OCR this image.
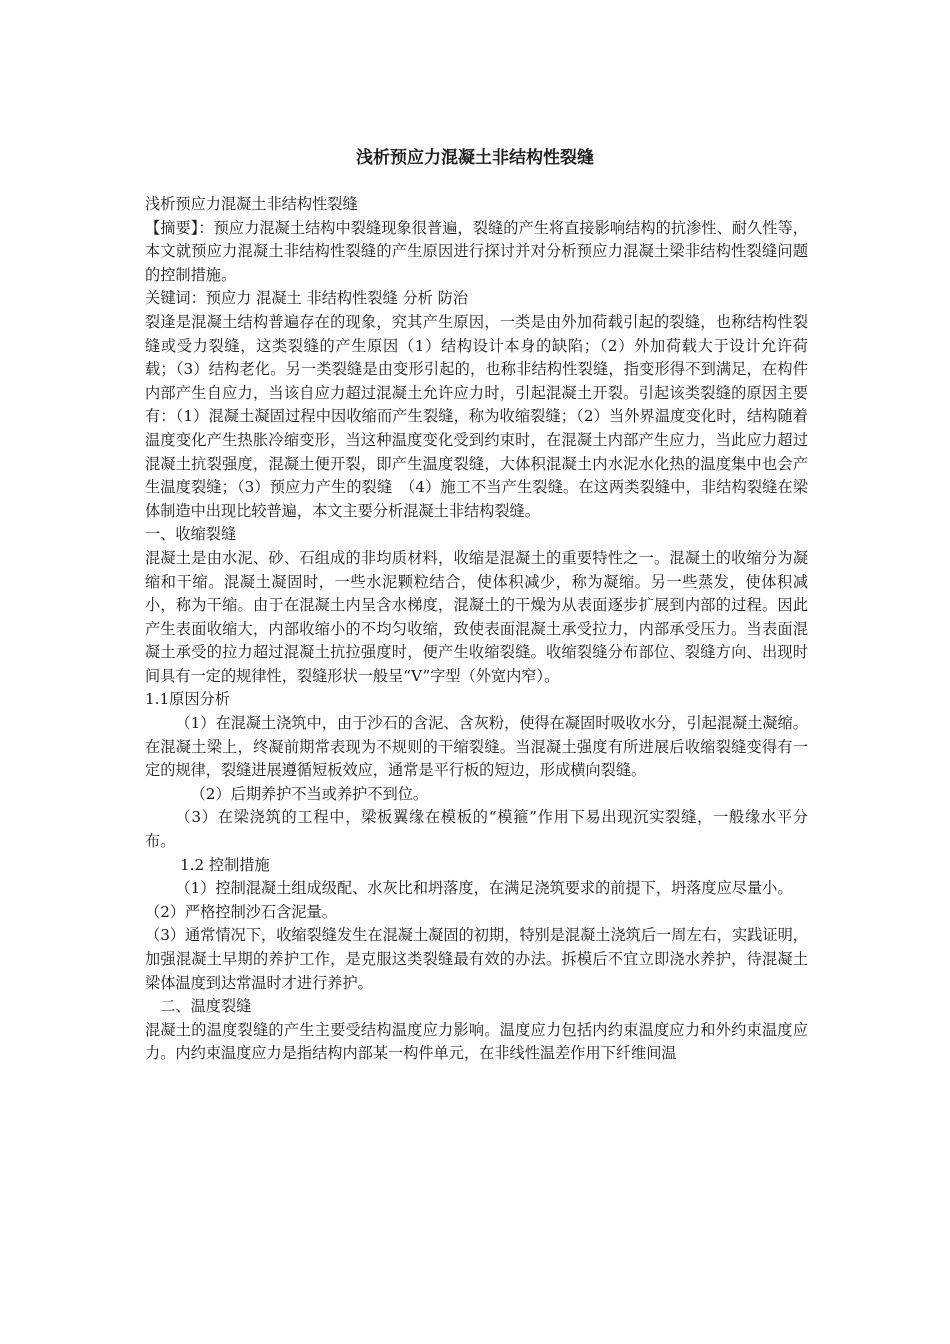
浅析预应力混凝土非结构性裂缝

浅析预应力混凝土非结构性裂缝

【摘要】：预应力混凝土结构中裂缝现象很普遍，裂缝的产生将直接影响结构的抗渗性、耐久性等，本文就预应力混凝土非结构性裂缝的产生原因进行探讨并对分析预应力混凝土梁非结构性裂缝问题的控制措施。

关键词：预应力 混凝土 非结构性裂缝 分析 防治

裂逢是混凝土结构普遍存在的现象，究其产生原因，一类是由外加荷载引起的裂缝，也称结构性裂缝或受力裂缝，这类裂缝的产生原因（1）结构设计本身的缺陷；（2）外加荷载大于设计允许荷载；（3）结构老化。另一类裂缝是由变形引起的，也称非结构性裂缝，指变形得不到满足，在构件内部产生自应力，当该自应力超过混凝土允许应力时，引起混凝土开裂。引起该类裂缝的原因主要有：（1）混凝土凝固过程中因收缩而产生裂缝，称为收缩裂缝；（2）当外界温度变化时，结构随着温度变化产生热胀冷缩变形，当这种温度变化受到约束时，在混凝土内部产生应力，当此应力超过混凝土抗裂强度，混凝土便开裂，即产生温度裂缝，大体积混凝土内水泥水化热的温度集中也会产生温度裂缝；（3）预应力产生的裂缝　（4）施工不当产生裂缝。在这两类裂缝中，非结构裂缝在梁体制造中出现比较普遍，本文主要分析混凝土非结构裂缝。

一、收缩裂缝

混凝土是由水泥、砂、石组成的非均质材料，收缩是混凝土的重要特性之一。混凝土的收缩分为凝缩和干缩。混凝土凝固时，一些水泥颗粒结合，使体积减少，称为凝缩。另一些蒸发，使体积减小，称为干缩。由于在混凝土内呈含水梯度，混凝土的干燥为从表面逐步扩展到内部的过程。因此产生表面收缩大，内部收缩小的不均匀收缩，致使表面混凝土承受拉力，内部承受压力。当表面混凝土承受的拉力超过混凝土抗拉强度时，便产生收缩裂缝。收缩裂缝分布部位、裂缝方向、出现时间具有一定的规律性，裂缝形状一般呈“V”字型（外宽内窄）。

1.1原因分析

（1）在混凝土浇筑中，由于沙石的含泥、含灰粉，使得在凝固时吸收水分，引起混凝土凝缩。在混凝土梁上，终凝前期常表现为不规则的干缩裂缝。当混凝土强度有所进展后收缩裂缝变得有一定的规律，裂缝进展遵循短板效应，通常是平行板的短边，形成横向裂缝。

（2）后期养护不当或养护不到位。

（3）在梁浇筑的工程中，梁板翼缘在模板的“模箍”作用下易出现沉实裂缝，一般缘水平分布。

1.2 控制措施

（1）控制混凝土组成级配、水灰比和坍落度，在满足浇筑要求的前提下，坍落度应尽量小。

（2）严格控制沙石含泥量。

（3）通常情况下，收缩裂缝发生在混凝土凝固的初期，特别是混凝土浇筑后一周左右，实践证明，加强混凝土早期的养护工作，是克服这类裂缝最有效的办法。拆模后不宜立即浇水养护，待混凝土梁体温度到达常温时才进行养护。

二、温度裂缝

混凝土的温度裂缝的产生主要受结构温度应力影响。温度应力包括内约束温度应力和外约束温度应力。内约束温度应力是指结构内部某一构件单元，在非线性温差作用下纤维间温
